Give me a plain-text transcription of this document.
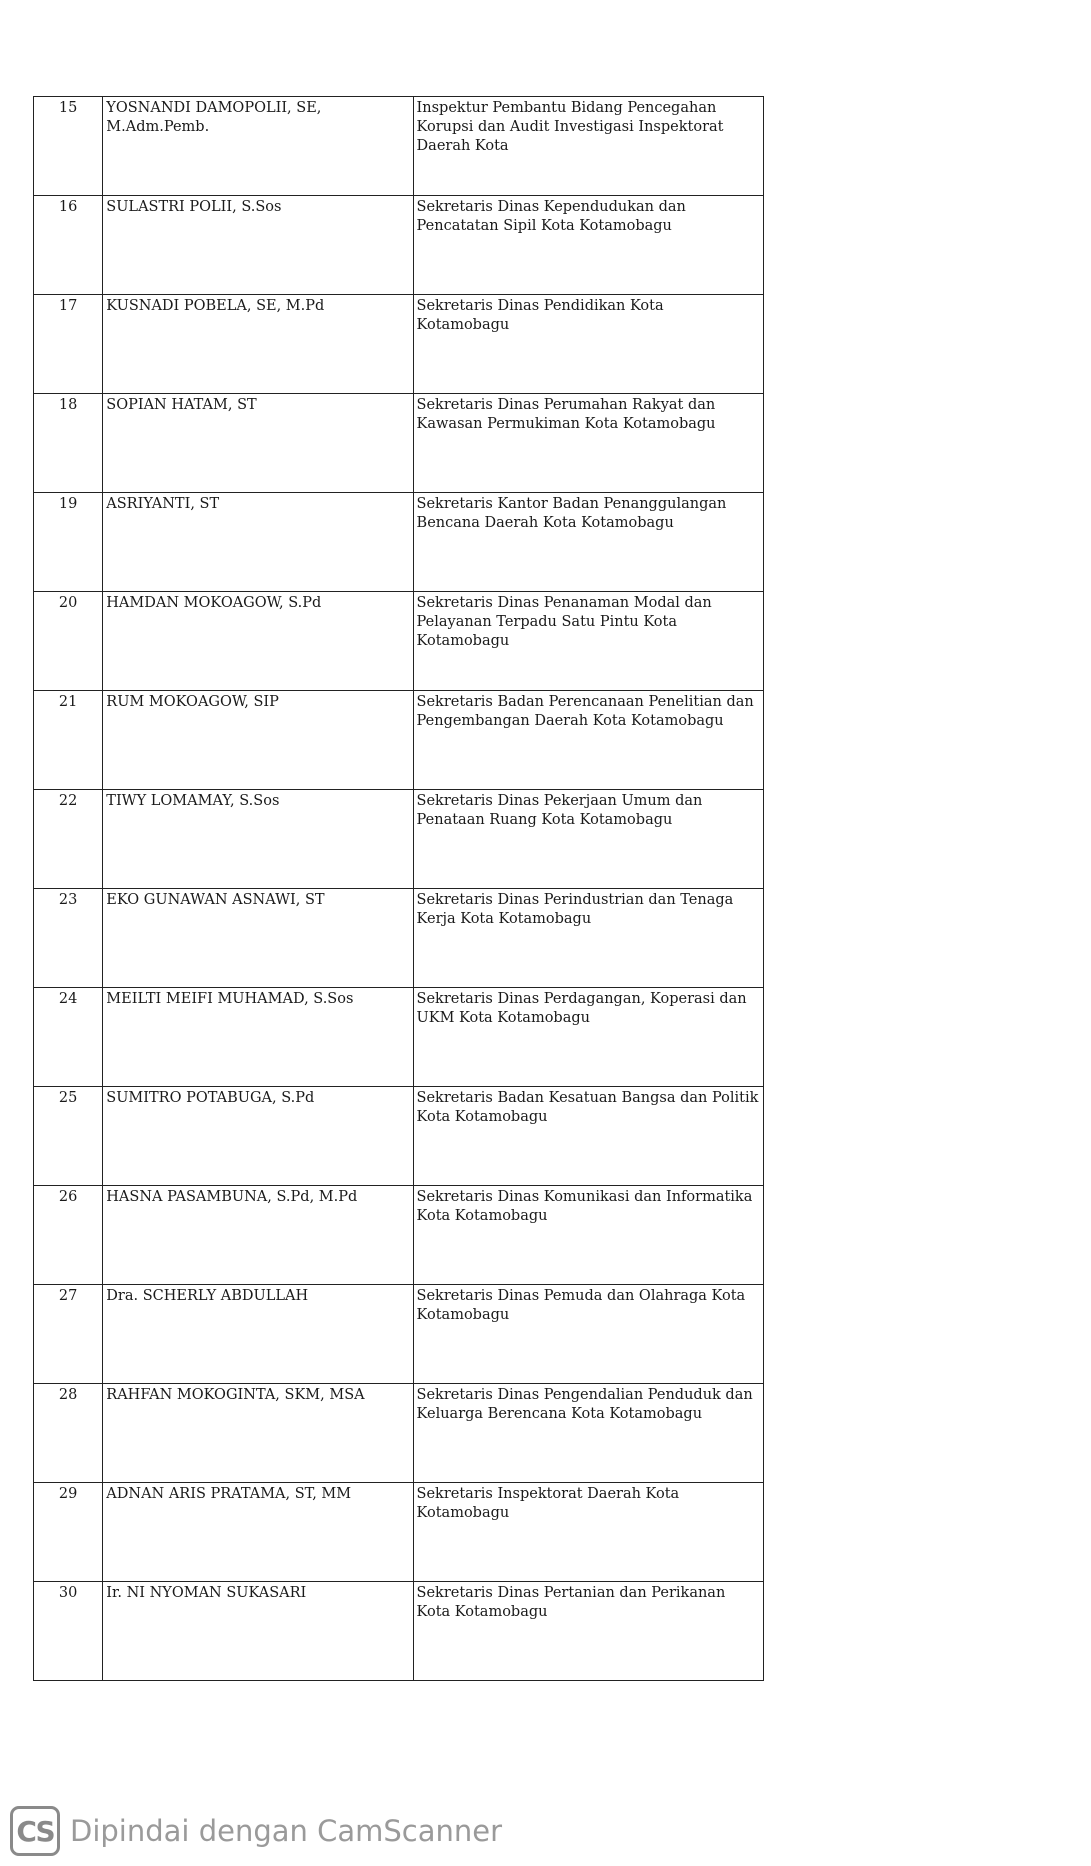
15	YOSNANDI DAMOPOLII, SE, M.Adm.Pemb.	Inspektur Pembantu Bidang Pencegahan Korupsi dan Audit Investigasi Inspektorat Daerah Kota
16	SULASTRI POLII, S.Sos	Sekretaris Dinas Kependudukan dan Pencatatan Sipil Kota Kotamobagu
17	KUSNADI POBELA, SE, M.Pd	Sekretaris Dinas Pendidikan Kota Kotamobagu
18	SOPIAN HATAM, ST	Sekretaris Dinas Perumahan Rakyat dan Kawasan Permukiman Kota Kotamobagu
19	ASRIYANTI, ST	Sekretaris Kantor Badan Penanggulangan Bencana Daerah Kota Kotamobagu
20	HAMDAN MOKOAGOW, S.Pd	Sekretaris Dinas Penanaman Modal dan Pelayanan Terpadu Satu Pintu Kota Kotamobagu
21	RUM MOKOAGOW, SIP	Sekretaris Badan Perencanaan Penelitian dan Pengembangan Daerah Kota Kotamobagu
22	TIWY LOMAMAY, S.Sos	Sekretaris Dinas Pekerjaan Umum dan Penataan Ruang Kota Kotamobagu
23	EKO GUNAWAN ASNAWI, ST	Sekretaris Dinas Perindustrian dan Tenaga Kerja Kota Kotamobagu
24	MEILTI MEIFI MUHAMAD, S.Sos	Sekretaris Dinas Perdagangan, Koperasi dan UKM Kota Kotamobagu
25	SUMITRO POTABUGA, S.Pd	Sekretaris Badan Kesatuan Bangsa dan Politik Kota Kotamobagu
26	HASNA PASAMBUNA, S.Pd, M.Pd	Sekretaris Dinas Komunikasi dan Informatika Kota Kotamobagu
27	Dra. SCHERLY ABDULLAH	Sekretaris Dinas Pemuda dan Olahraga Kota Kotamobagu
28	RAHFAN MOKOGINTA, SKM, MSA	Sekretaris Dinas Pengendalian Penduduk dan Keluarga Berencana Kota Kotamobagu
29	ADNAN ARIS PRATAMA, ST, MM	Sekretaris Inspektorat Daerah Kota Kotamobagu
30	Ir. NI NYOMAN SUKASARI	Sekretaris Dinas Pertanian dan Perikanan Kota Kotamobagu
CS Dipindai dengan CamScanner
